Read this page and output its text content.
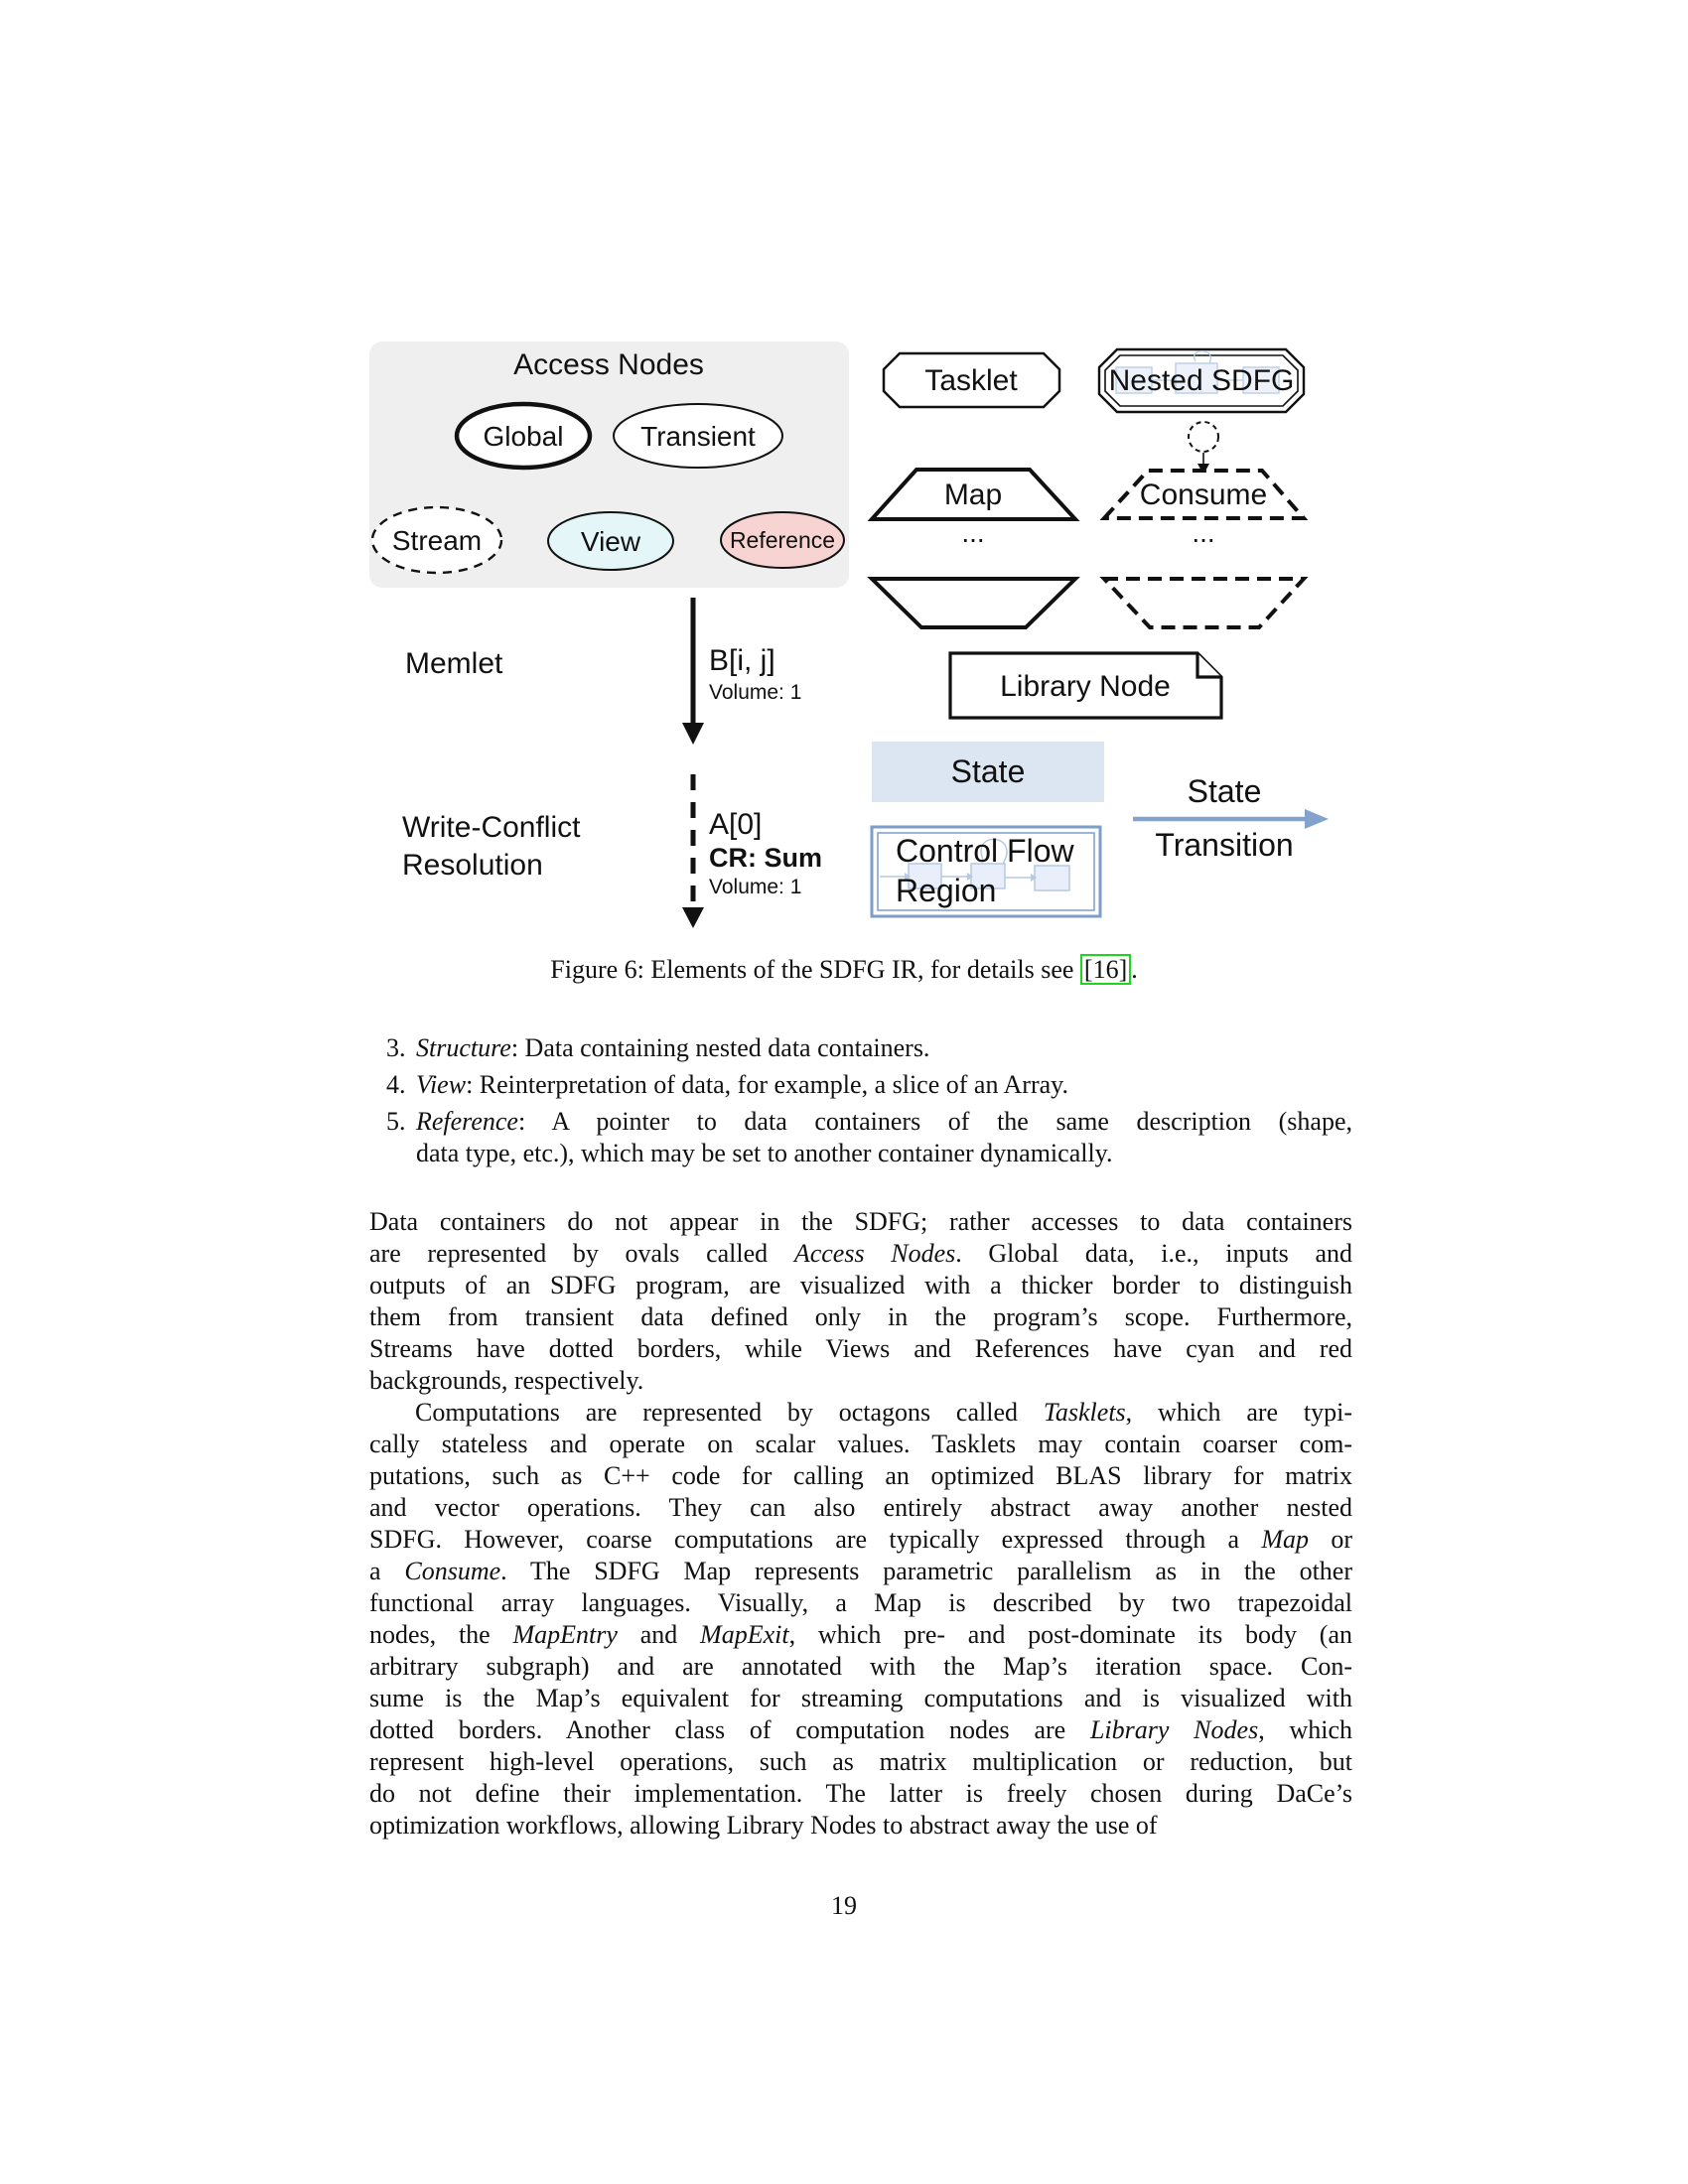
Access Nodes
Global	Transient
Stream	View	Reference
Tasklet	Nested SDFG
Map
...
Consume
...
Library Node
Memlet	B[i, j]
Volume: 1
Write-Conflict
Resolution
A[0]
CR: Sum
Volume: 1
State
Control Flow
Region
State
Transition
Figure 6: Elements of the SDFG IR, for details see [16] .
3. Structure: Data containing nested data containers.
4. View: Reinterpretation of data, for example, a slice of an Array.
5. Reference: A pointer to data containers of the same description (shape,
data type, etc.), which may be set to another container dynamically.
Data containers do not appear in the SDFG; rather accesses to data containers
are represented by ovals called Access Nodes. Global data, i.e., inputs and
outputs of an SDFG program, are visualized with a thicker border to distinguish
them from transient data defined only in the program’s scope. Furthermore,
Streams have dotted borders, while Views and References have cyan and red
backgrounds, respectively.
Computations are represented by octagons called Tasklets, which are typi-
cally stateless and operate on scalar values. Tasklets may contain coarser com-
putations, such as C++ code for calling an optimized BLAS library for matrix
and vector operations. They can also entirely abstract away another nested
SDFG. However, coarse computations are typically expressed through a Map or
a Consume. The SDFG Map represents parametric parallelism as in the other
functional array languages. Visually, a Map is described by two trapezoidal
nodes, the MapEntry and MapExit, which pre- and post-dominate its body (an
arbitrary subgraph) and are annotated with the Map’s iteration space. Con-
sume is the Map’s equivalent for streaming computations and is visualized with
dotted borders. Another class of computation nodes are Library Nodes, which
represent high-level operations, such as matrix multiplication or reduction, but
do not define their implementation. The latter is freely chosen during DaCe’s
optimization workflows, allowing Library Nodes to abstract away the use of
19
